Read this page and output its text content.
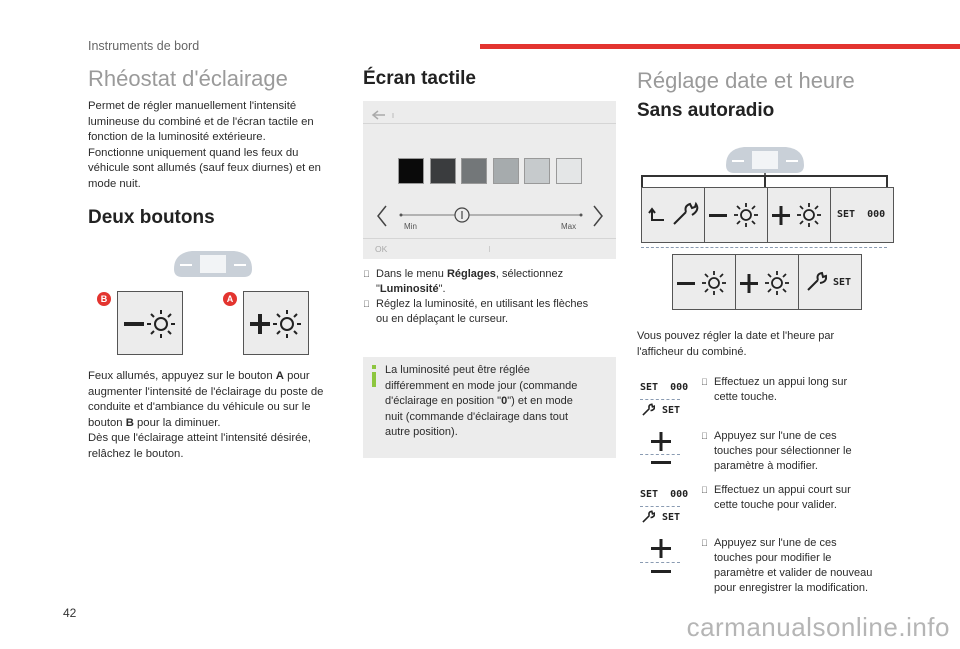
Instruments de bord
Rhéostat d'éclairage

Permet de régler manuellement l'intensité

lumineuse du combiné et de l'écran tactile en

fonction de la luminosité extérieure.

Fonctionne uniquement quand les feux du

véhicule sont allumés (sauf feux diurnes) et en

mode nuit.

Deux boutons
B	A

Feux allumés, appuyez sur le bouton A pour

augmenter l'intensité de l'éclairage du poste de

conduite et d'ambiance du véhicule ou sur le

bouton B pour la diminuer.

Dès que l'éclairage atteint l'intensité désirée,

relâchez le bouton.

Écran tactile
Min	Max
OK
Dans le menu Réglages, sélectionnez
"Luminosité".
Réglez la luminosité, en utilisant les flèches
ou en déplaçant le curseur.

La luminosité peut être réglée

différemment en mode jour (commande

d'éclairage en position "0") et en mode

nuit (commande d'éclairage dans tout

autre position).

Réglage date et heure
Sans autoradio
SET 000
SET

Vous pouvez régler la date et l'heure par

l'afficheur du combiné.

SET 000
SET
SET 000
SET
Effectuez un appui long sur
cette touche.
Appuyez sur l'une de ces
touches pour sélectionner le
paramètre à modifier.
Effectuez un appui court sur
cette touche pour valider.
Appuyez sur l'une de ces
touches pour modifier le
paramètre et valider de nouveau
pour enregistrer la modification.
42	carmanualsonline.info
